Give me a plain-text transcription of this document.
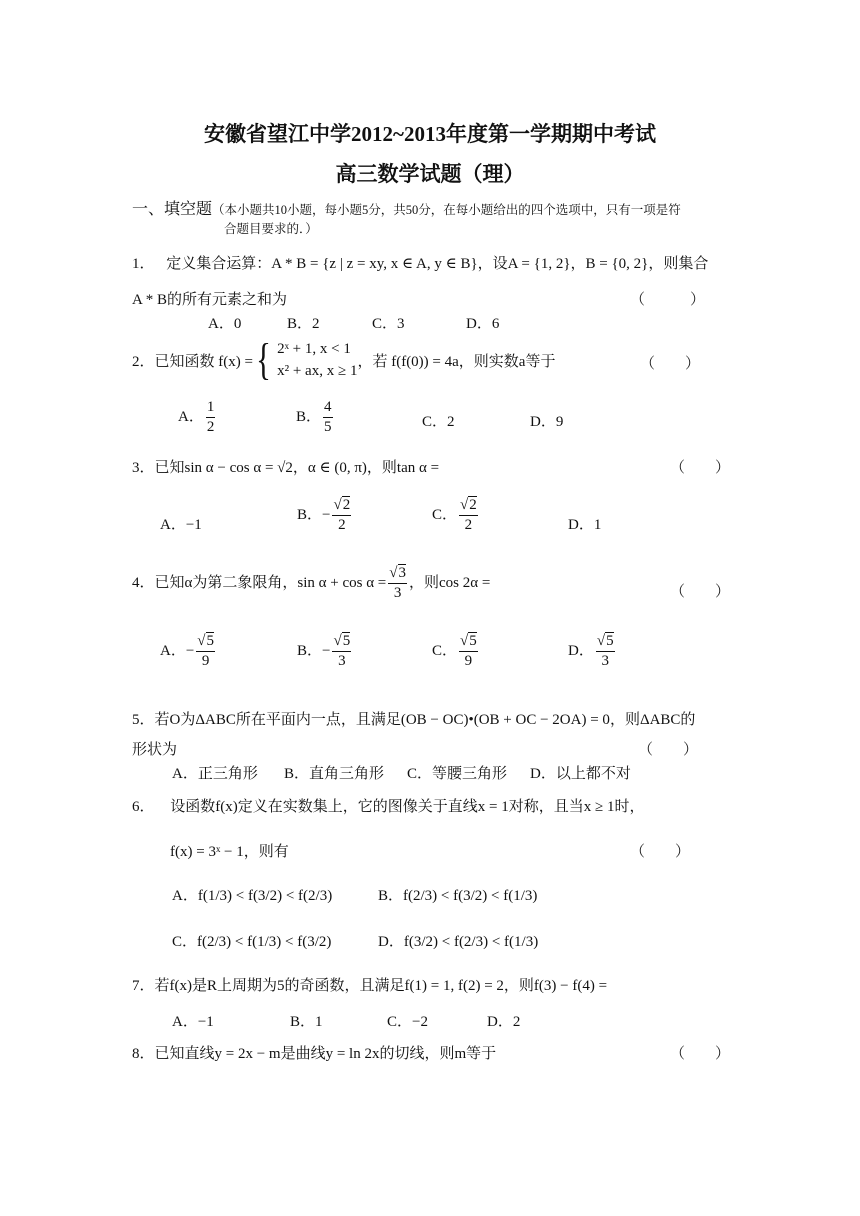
安徽省望江中学2012~2013年度第一学期期中考试
高三数学试题（理）
一、填空题（本小题共10小题，每小题5分，共50分，在每小题给出的四个选项中，只有一项是符
合题目要求的．）
1． 定义集合运算：A * B = {z | z = xy, x ∈ A, y ∈ B}，设A = {1, 2}，B = {0, 2}，则集合
A * B的所有元素之和为	（　　　）
A．0	B．2	C．3	D．6
2． 已知函数 f(x) = { 2ˣ + 1, x < 1
x² + ax, x ≥ 1
，若 f(f(0)) = 4a，则实数a等于	（　　）
A． $\frac{1}{2}$	B． $\frac{4}{5}$	C．2	D．9
3．已知sin α − cos α = √2，α ∈ (0, π)，则tan α =	（　　）
A．−1
B．− $\frac{√2}{2}$	C． $\frac{√2}{2}$	D．1
4．已知α为第二象限角，$\sin \alpha + \cos \alpha = \frac{√3}{3}$ ，则cos 2α =
（　　）
A．− $\frac{√5}{9}$	B．− $\frac{√5}{3}$	C． $\frac{√5}{9}$	D． $\frac{√5}{3}$
5．若O为ΔABC所在平面内一点，且满足(OB − OC)•(OB + OC − 2OA) = 0，则ΔABC的
形状为	（　　）
A．正三角形 B．直角三角形 C．等腰三角形 D．以上都不对
6． 设函数f(x)定义在实数集上，它的图像关于直线x = 1对称，且当x ≥ 1时，
f(x) = 3ˣ − 1，则有	（　　）
A．f(1/3) < f(3/2) < f(2/3)	B．f(2/3) < f(3/2) < f(1/3)
C．f(2/3) < f(1/3) < f(3/2)	D．f(3/2) < f(2/3) < f(1/3)
7．若f(x)是R上周期为5的奇函数，且满足f(1) = 1, f(2) = 2，则f(3) − f(4) =
A．−1	B．1	C．−2	D．2
8．已知直线y = 2x − m是曲线y = ln 2x的切线，则m等于	（　　）
